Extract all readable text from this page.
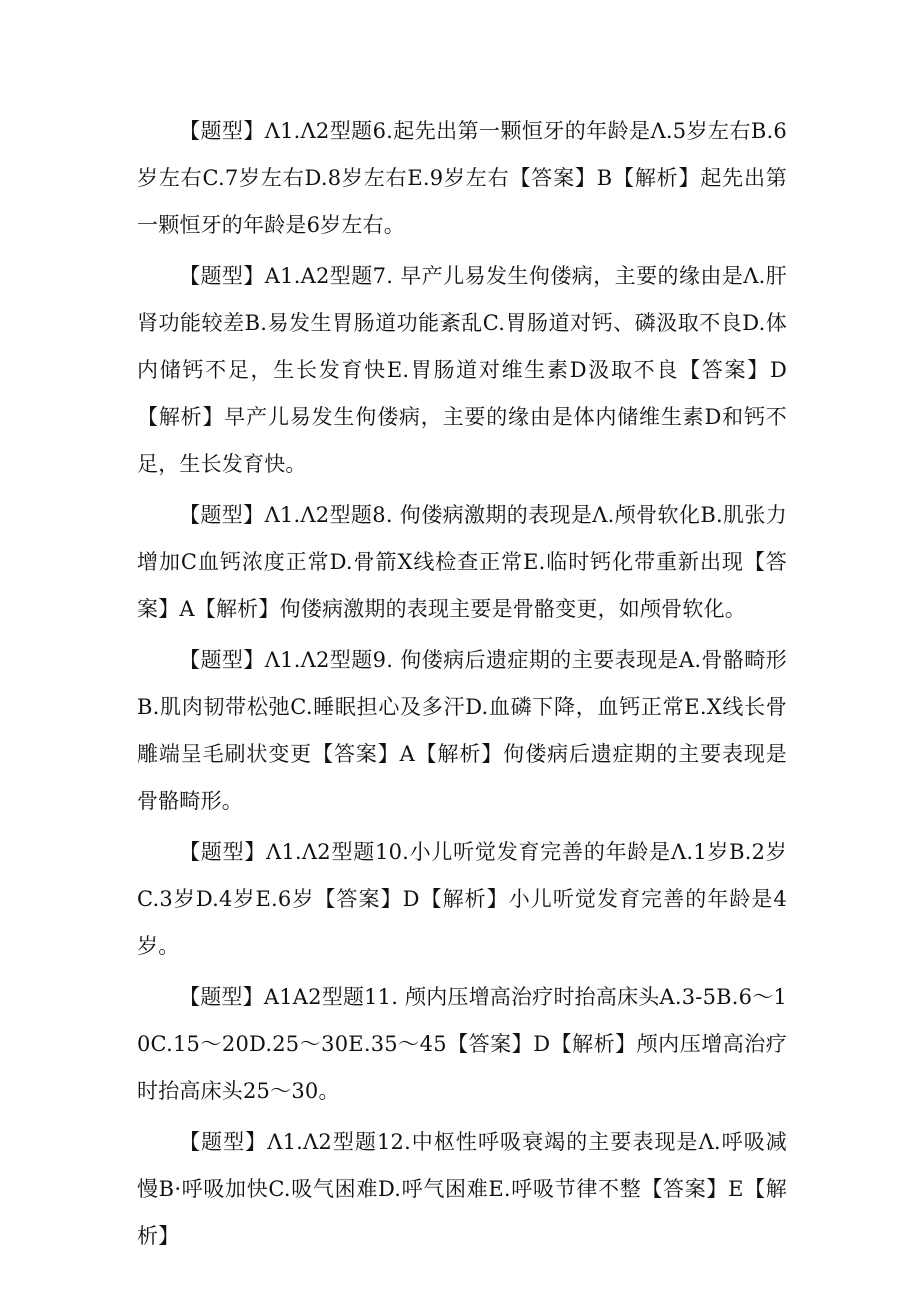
【题型】Λ1.Λ2型题6.起先出第一颗恒牙的年龄是Λ.5岁左右B.6岁左右C.7岁左右D.8岁左右E.9岁左右【答案】B【解析】起先出第一颗恒牙的年龄是6岁左右。

【题型】A1.A2型题7. 早产儿易发生佝偻病，主要的缘由是Λ.肝肾功能较差B.易发生胃肠道功能紊乱C.胃肠道对钙、磷汲取不良D.体内储钙不足，生长发育快E.胃肠道对维生素D汲取不良【答案】D【解析】早产儿易发生佝偻病，主要的缘由是体内储维生素D和钙不足，生长发育快。

【题型】Λ1.Λ2型题8. 佝偻病激期的表现是Λ.颅骨软化B.肌张力增加C血钙浓度正常D.骨箭X线检查正常E.临时钙化带重新出现【答案】A【解析】佝偻病激期的表现主要是骨骼变更，如颅骨软化。

【题型】Λ1.Λ2型题9. 佝偻病后遗症期的主要表现是A.骨骼畸形B.肌肉韧带松弛C.睡眠担心及多汗D.血磷下降，血钙正常E.X线长骨雕端呈毛刷状变更【答案】A【解析】佝偻病后遗症期的主要表现是骨骼畸形。

【题型】Λ1.Λ2型题10.小儿听觉发育完善的年龄是Λ.1岁B.2岁C.3岁D.4岁E.6岁【答案】D【解析】小儿听觉发育完善的年龄是4岁。

【题型】A1A2型题11. 颅内压增高治疗时抬高床头A.3-5B.6～10C.15～20D.25～30E.35～45【答案】D【解析】颅内压增高治疗时抬高床头25～30。

【题型】Λ1.Λ2型题12.中枢性呼吸衰竭的主要表现是Λ.呼吸减慢B·呼吸加快C.吸气困难D.呼气困难E.呼吸节律不整【答案】E【解析】
